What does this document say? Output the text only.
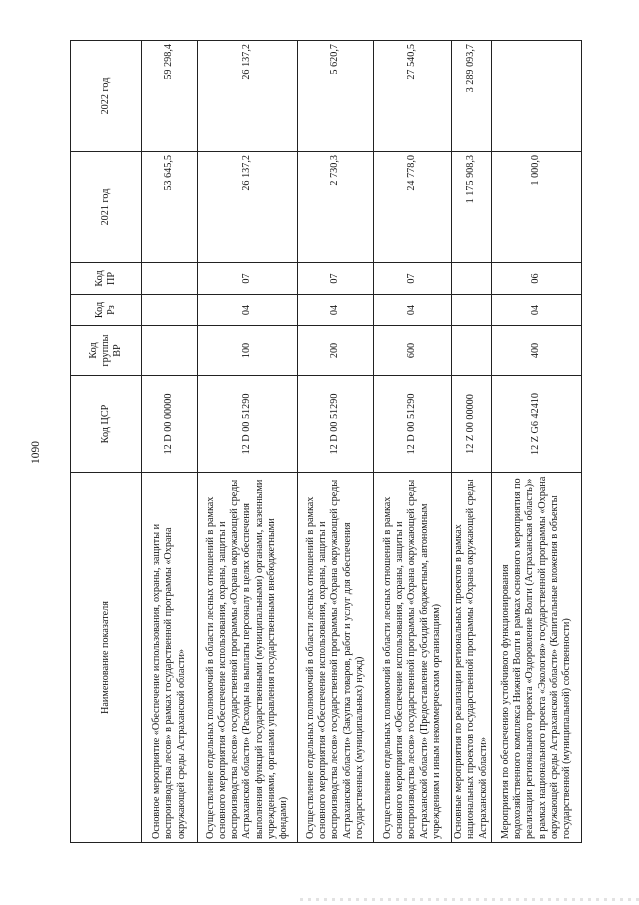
1090
Наименование показателя	Код ЦСР	Код группы ВР	Код Рз	Код ПР	2021 год	2022 год
Основное мероприятие «Обеспечение использования, охраны, защиты и воспроизводства лесов» в рамках государственной программы «Охрана окружающей среды Астраханской области»	12 D 00 00000				53 645,5	59 298,4
Осуществление отдельных полномочий в области лесных отношений в рамках основного мероприятия «Обеспечение использования, охраны, защиты и воспроизводства лесов» государственной программы «Охрана окружающей среды Астраханской области» (Расходы на выплаты персоналу в целях обеспечения выполнения функций государственными (муниципальными) органами, казенными учреждениями, органами управления государственными внебюджетными фондами)	12 D 00 51290	100	04	07	26 137,2	26 137,2
Осуществление отдельных полномочий в области лесных отношений в рамках основного мероприятия «Обеспечение использования, охраны, защиты и воспроизводства лесов» государственной программы «Охрана окружающей среды Астраханской области» (Закупка товаров, работ и услуг для обеспечения государственных (муниципальных) нужд)	12 D 00 51290	200	04	07	2 730,3	5 620,7
Осуществление отдельных полномочий в области лесных отношений в рамках основного мероприятия «Обеспечение использования, охраны, защиты и воспроизводства лесов» государственной программы «Охрана окружающей среды Астраханской области» (Предоставление субсидий бюджетным, автономным учреждениям и иным некоммерческим организациям)	12 D 00 51290	600	04	07	24 778,0	27 540,5
Основные мероприятия по реализации региональных проектов в рамках национальных проектов государственной программы «Охрана окружающей среды Астраханской области»	12 Z 00 00000				1 175 908,3	3 289 093,7
Мероприятия по обеспечению устойчивого функционирования водохозяйственного комплекса Нижней Волги в рамках основного мероприятия по реализации регионального проекта «Оздоровление Волги (Астраханская область)» в рамках национального проекта «Экология» государственной программы «Охрана окружающей среды Астраханской области» (Капитальные вложения в объекты государственной (муниципальной) собственности)	12 Z G6 42410	400	04	06	1 000,0	
